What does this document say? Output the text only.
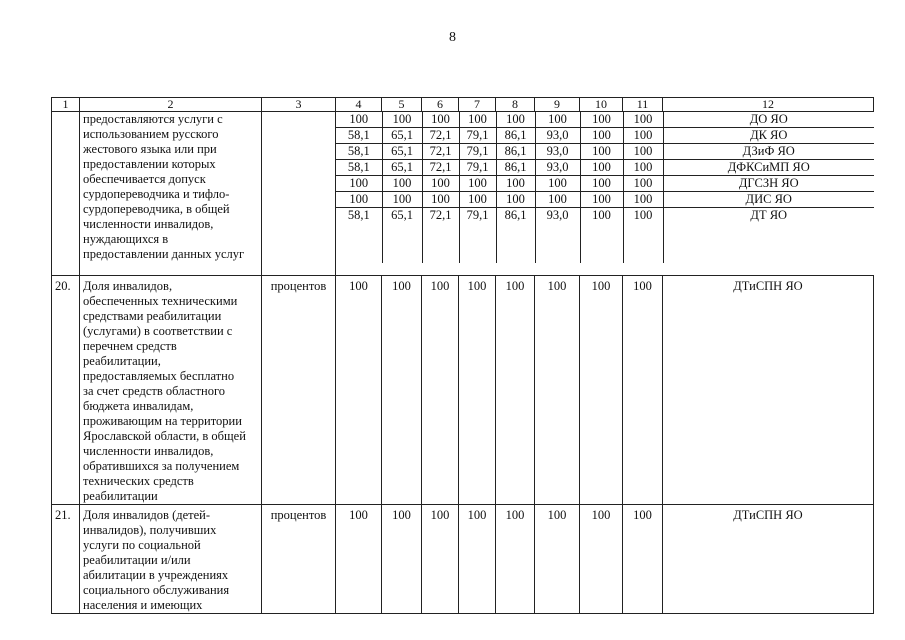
8
1	2	3	4	5	6	7	8	9	10	11	12
	предоставляются услуги с
использованием русского
жестового языка или при
предоставлении которых
обеспечивается допуск
сурдопереводчика и тифло-
сурдопереводчика, в общей
численности инвалидов,
нуждающихся в
предоставлении данных услуг		
100	100	100	100	100	100	100	100	ДО ЯО
58,1	65,1	72,1	79,1	86,1	93,0	100	100	ДК ЯО
58,1	65,1	72,1	79,1	86,1	93,0	100	100	ДЗиФ ЯО
58,1	65,1	72,1	79,1	86,1	93,0	100	100	ДФКСиМП ЯО
100	100	100	100	100	100	100	100	ДГСЗН ЯО
100	100	100	100	100	100	100	100	ДИС ЯО
58,1	65,1	72,1	79,1	86,1	93,0	100	100	ДТ ЯО

20.	Доля инвалидов,
обеспеченных техническими
средствами реабилитации
(услугами) в соответствии с
перечнем средств
реабилитации,
предоставляемых бесплатно
за счет средств областного
бюджета инвалидам,
проживающим на территории
Ярославской области, в общей
численности инвалидов,
обратившихся за получением
технических средств
реабилитации	процентов	100	100	100	100	100	100	100	100	ДТиСПН ЯО
21.	Доля инвалидов (детей-
инвалидов), получивших
услуги по социальной
реабилитации и/или
абилитации в учреждениях
социального обслуживания
населения и имеющих	процентов	100	100	100	100	100	100	100	100	ДТиСПН ЯО
